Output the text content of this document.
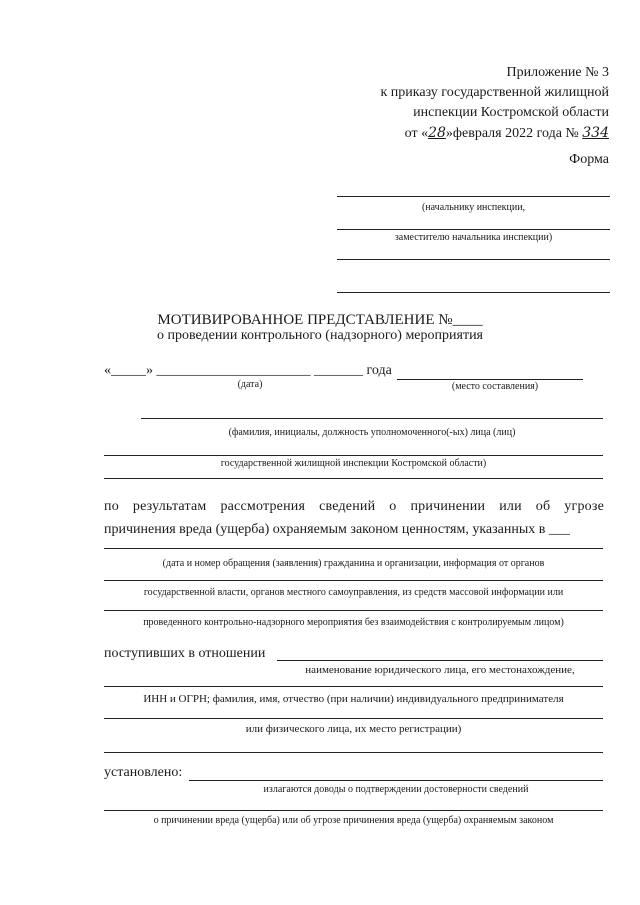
Приложение № 3
к приказу государственной жилищной
инспекции Костромской области
от «28»февраля 2022 года № 334
Форма
(начальнику инспекции,
заместителю начальника инспекции)
МОТИВИРОВАННОЕ ПРЕДСТАВЛЕНИЕ №____
о проведении контрольного (надзорного) мероприятия
«_____» ______________________ _______ года
(дата)	(место составления)
(фамилия, инициалы, должность уполномоченного(-ых) лица (лиц)
государственной жилищной инспекции Костромской области)
по результатам рассмотрения сведений о причинении или об угрозе
причинения вреда (ущерба) охраняемым законом ценностям, указанных в ___
(дата и номер обращения (заявления) гражданина и организации, информация от органов
государственной власти, органов местного самоуправления, из средств массовой информации или
проведенного контрольно-надзорного мероприятия без взаимодействия с контролируемым лицом)
поступивших в отношении
наименование юридического лица, его местонахождение,
ИНН и ОГРН; фамилия, имя, отчество (при наличии) индивидуального предпринимателя
или физического лица, их место регистрации)
установлено:
излагаются доводы о подтверждении достоверности сведений
о причинении вреда (ущерба) или об угрозе причинения вреда (ущерба) охраняемым законом
